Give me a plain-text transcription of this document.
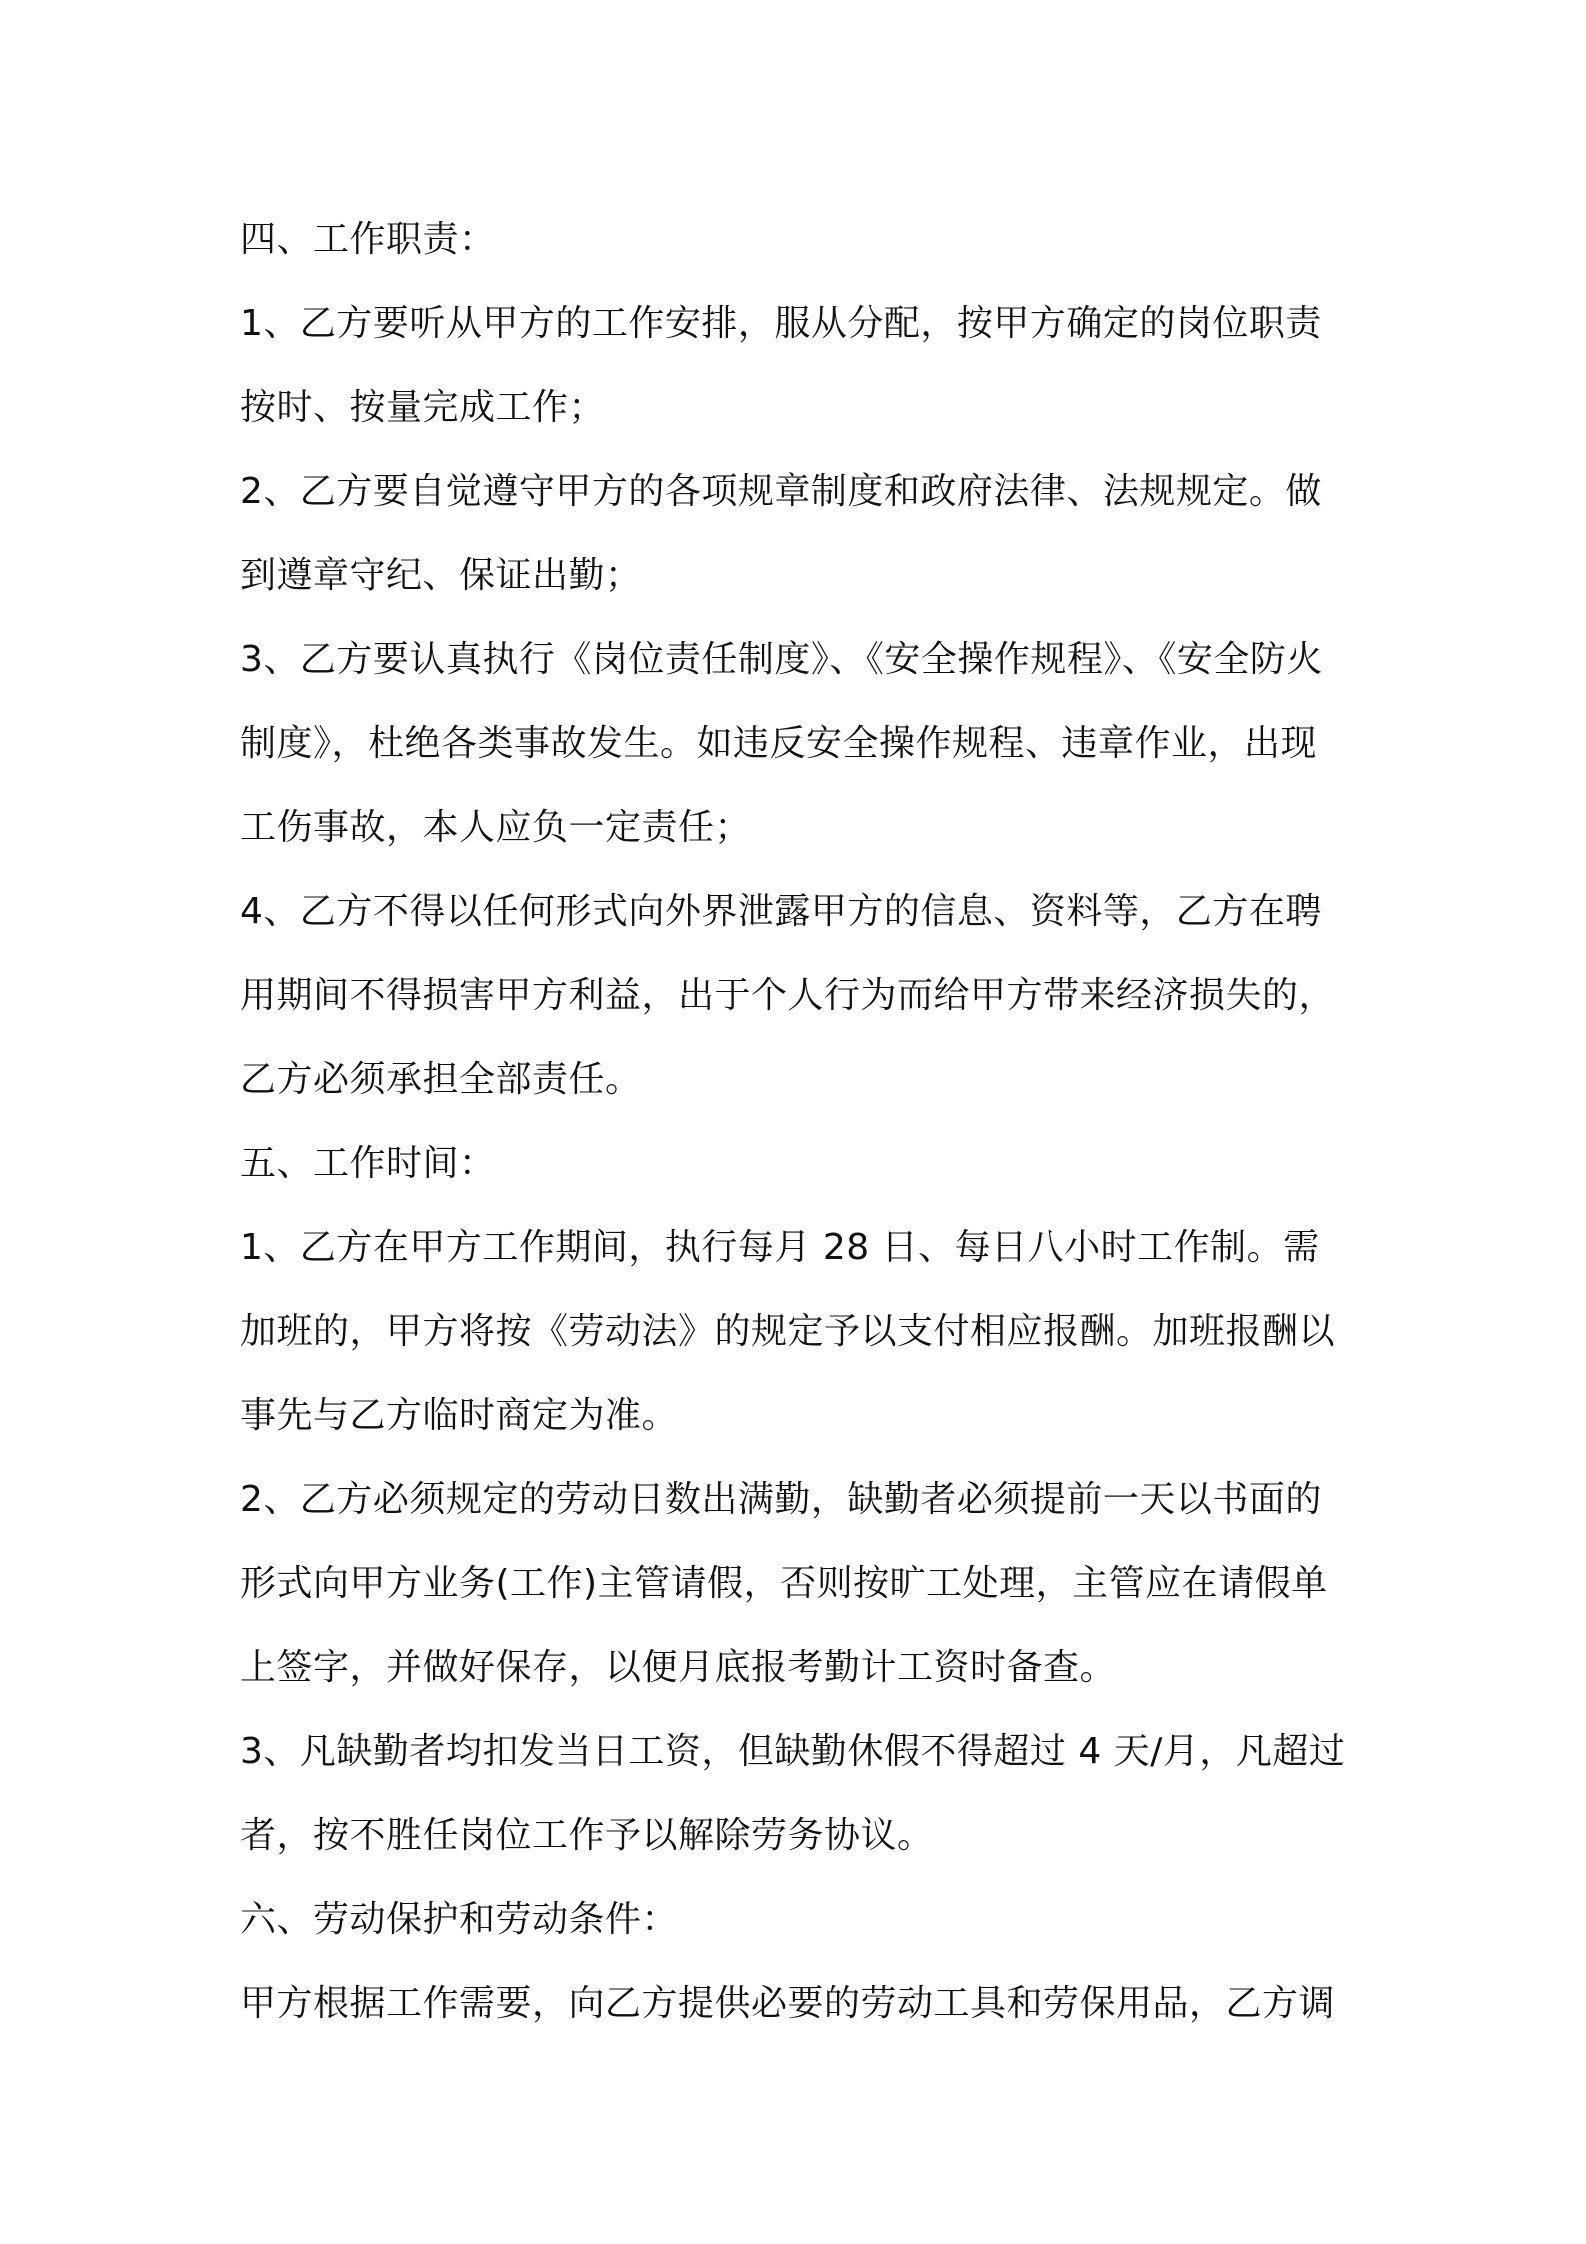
四、工作职责：
1、乙方要听从甲方的工作安排，服从分配，按甲方确定的岗位职责
按时、按量完成工作；
2、乙方要自觉遵守甲方的各项规章制度和政府法律、法规规定。做
到遵章守纪、保证出勤；
3、乙方要认真执行《岗位责任制度》、《安全操作规程》、《安全防火
制度》，杜绝各类事故发生。如违反安全操作规程、违章作业，出现
工伤事故，本人应负一定责任；
4、乙方不得以任何形式向外界泄露甲方的信息、资料等，乙方在聘
用期间不得损害甲方利益，出于个人行为而给甲方带来经济损失的，
乙方必须承担全部责任。
五、工作时间：
1、乙方在甲方工作期间，执行每月 28 日、每日八小时工作制。需
加班的，甲方将按《劳动法》的规定予以支付相应报酬。加班报酬以
事先与乙方临时商定为准。
2、乙方必须规定的劳动日数出满勤，缺勤者必须提前一天以书面的
形式向甲方业务(工作)主管请假，否则按旷工处理，主管应在请假单
上签字，并做好保存，以便月底报考勤计工资时备查。
3、凡缺勤者均扣发当日工资，但缺勤休假不得超过 4 天/月，凡超过
者，按不胜任岗位工作予以解除劳务协议。
六、劳动保护和劳动条件：
甲方根据工作需要，向乙方提供必要的劳动工具和劳保用品，乙方调
